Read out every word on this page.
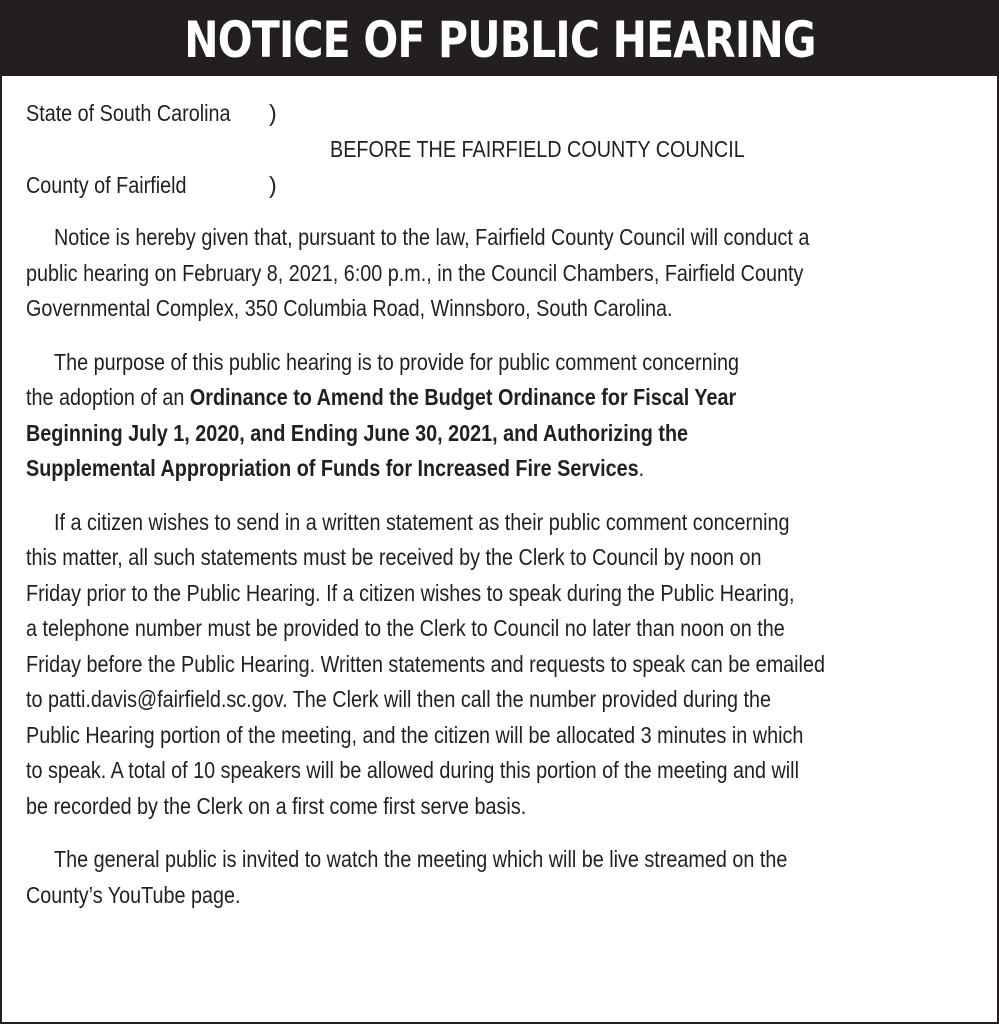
NOTICE OF PUBLIC HEARING
State of South Carolina )
BEFORE THE FAIRFIELD COUNTY COUNCIL
County of Fairfield	)
Notice is hereby given that, pursuant to the law, Fairfield County Council will conduct a
public hearing on February 8, 2021, 6:00 p.m., in the Council Chambers, Fairfield County
Governmental Complex, 350 Columbia Road, Winnsboro, South Carolina.
The purpose of this public hearing is to provide for public comment concerning
the adoption of an Ordinance to Amend the Budget Ordinance for Fiscal Year
Beginning July 1, 2020, and Ending June 30, 2021, and Authorizing the
Supplemental Appropriation of Funds for Increased Fire Services.
If a citizen wishes to send in a written statement as their public comment concerning
this matter, all such statements must be received by the Clerk to Council by noon on
Friday prior to the Public Hearing. If a citizen wishes to speak during the Public Hearing,
a telephone number must be provided to the Clerk to Council no later than noon on the
Friday before the Public Hearing. Written statements and requests to speak can be emailed
to patti.davis@fairfield.sc.gov. The Clerk will then call the number provided during the
Public Hearing portion of the meeting, and the citizen will be allocated 3 minutes in which
to speak. A total of 10 speakers will be allowed during this portion of the meeting and will
be recorded by the Clerk on a first come first serve basis.
The general public is invited to watch the meeting which will be live streamed on the
County’s YouTube page.
